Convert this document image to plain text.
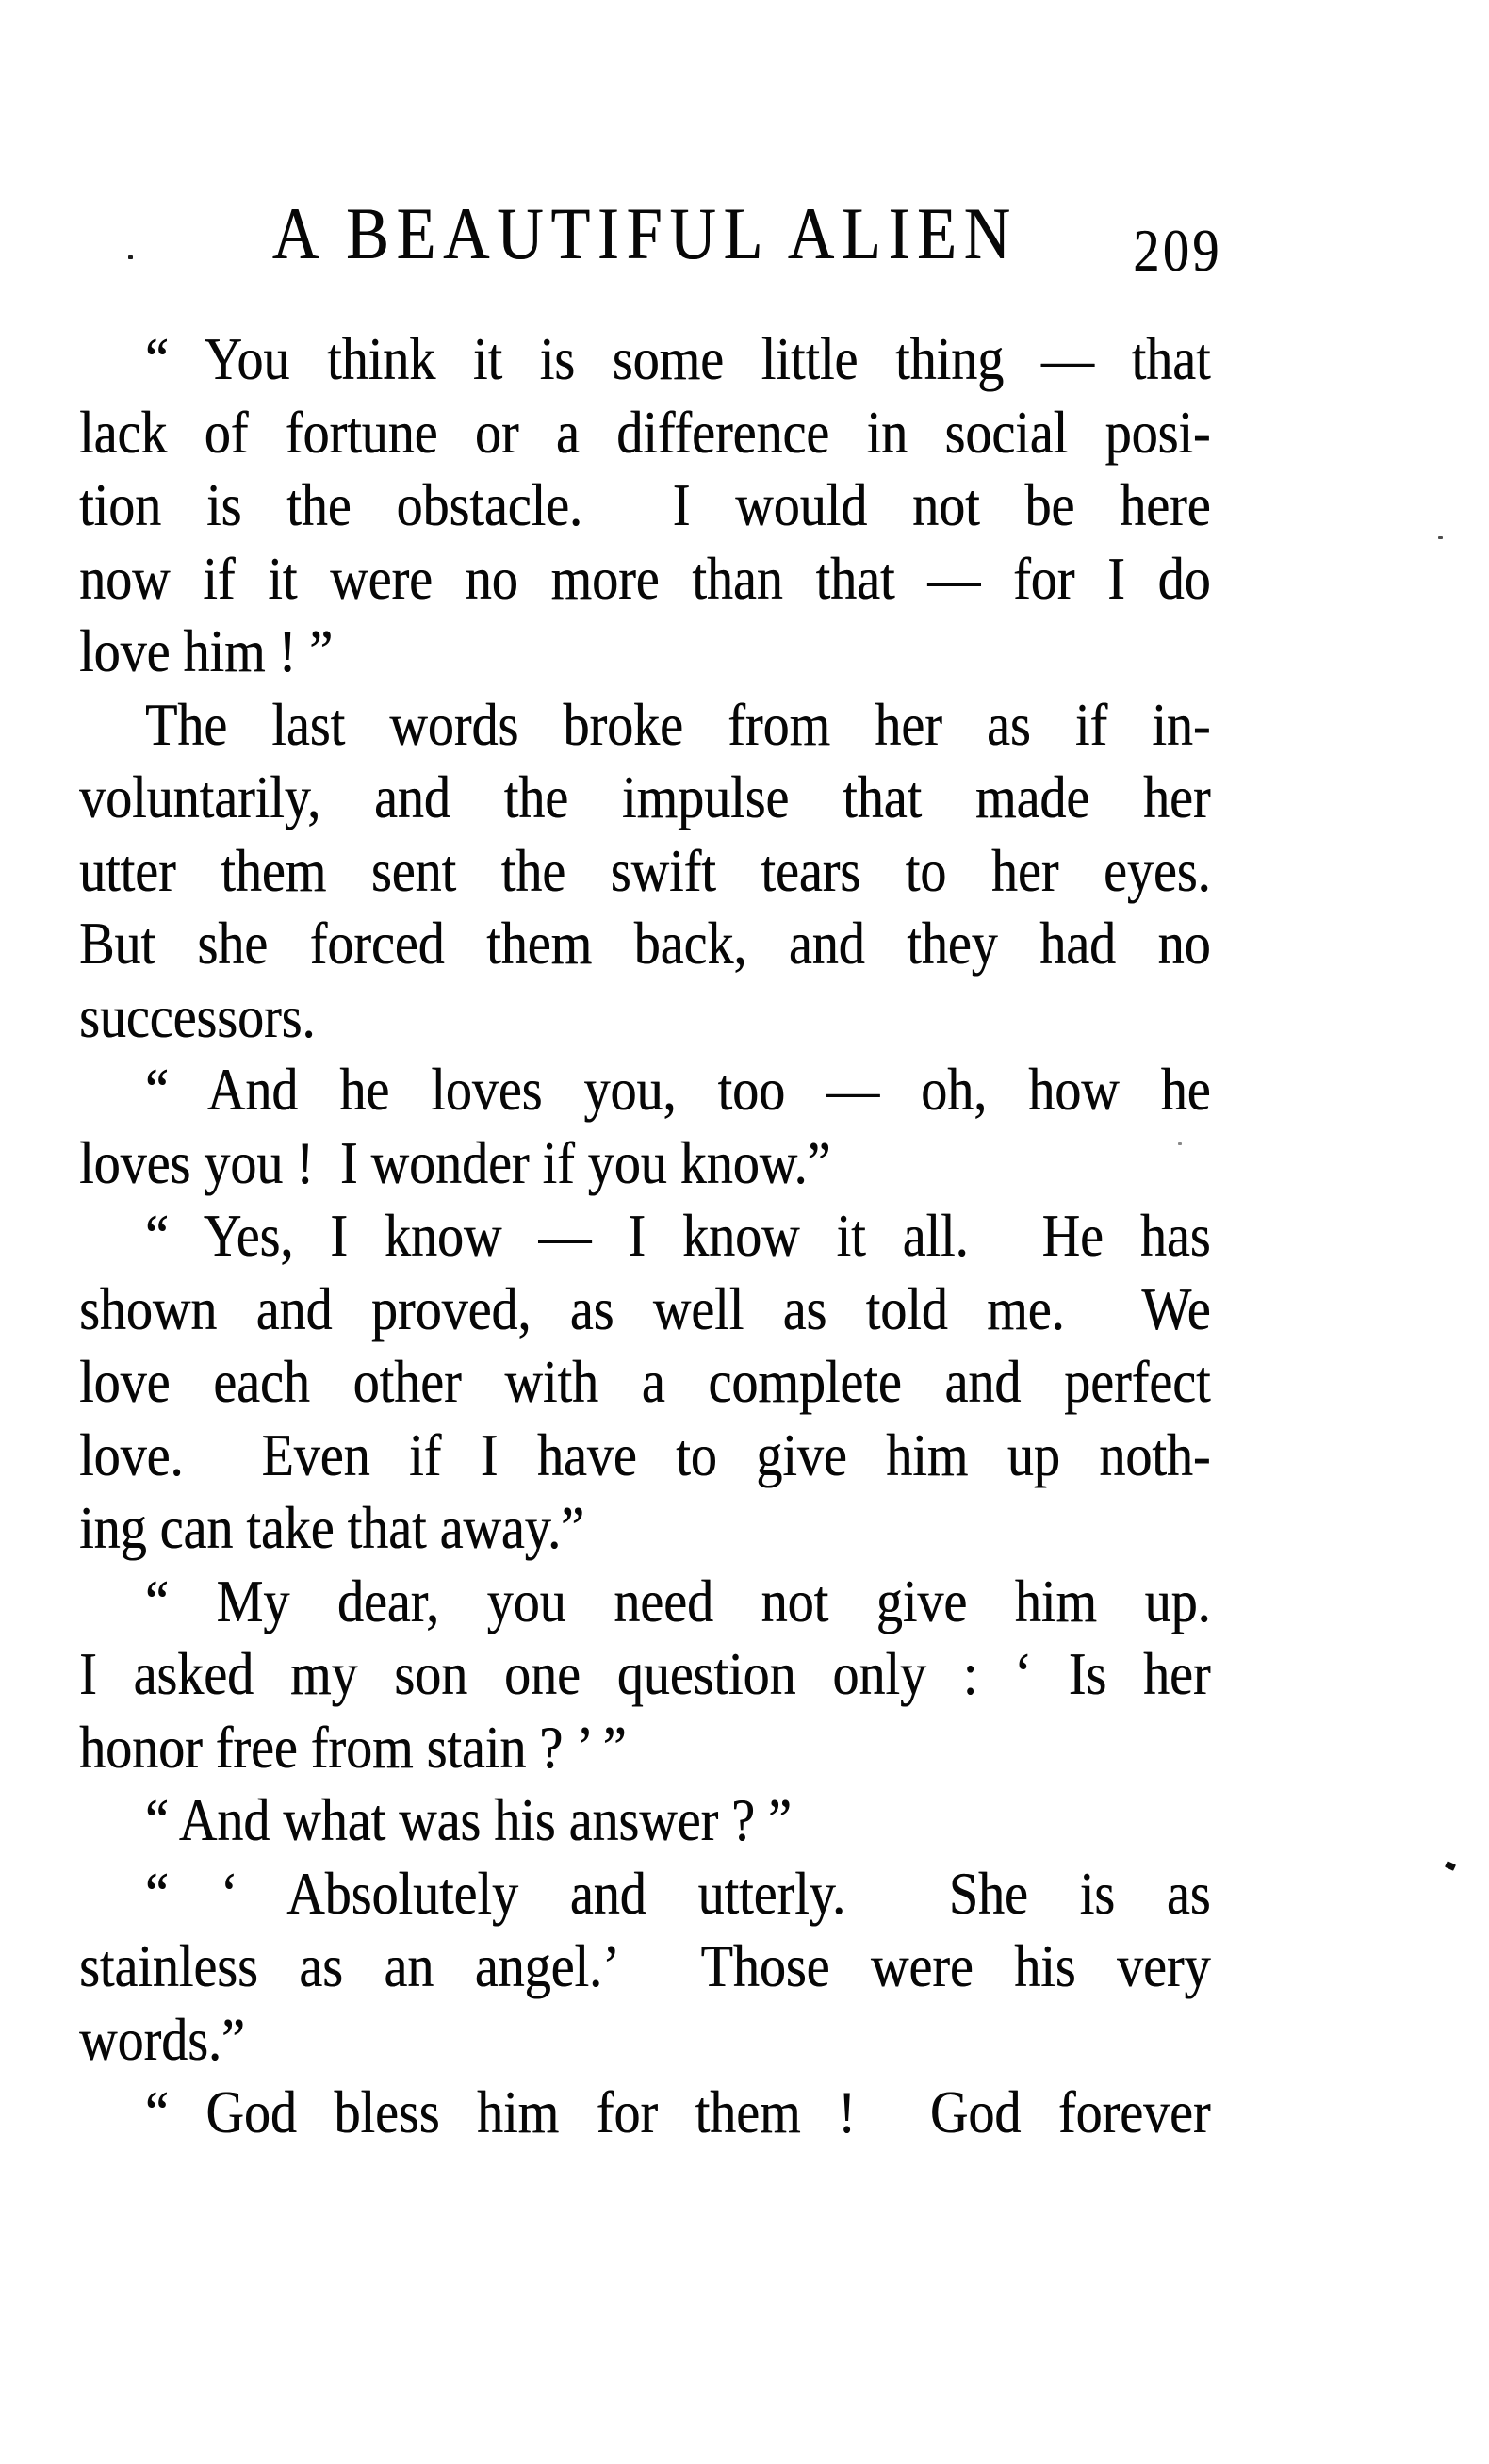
A BEAUTIFUL ALIEN	209
“ You think it is some little thing — that
lack of fortune or a difference in social posi-
tion is the obstacle.  I would not be here
now if it were no more than that — for I do
love him ! ”
The last words broke from her as if in-
voluntarily, and the impulse that made her
utter them sent the swift tears to her eyes.
But she forced them back, and they had no
successors.
“ And he loves you, too — oh, how he
loves you !  I wonder if you know.”
“ Yes, I know — I know it all.  He has
shown and proved, as well as told me.  We
love each other with a complete and perfect
love.  Even if I have to give him up noth-
ing can take that away.”
“ My dear, you need not give him up.
I asked my son one question only : ‘ Is her
honor free from stain ? ’ ”
“ And what was his answer ? ”
“ ‘ Absolutely and utterly.  She is as
stainless as an angel.’  Those were his very
words.”
“ God bless him for them !  God forever
